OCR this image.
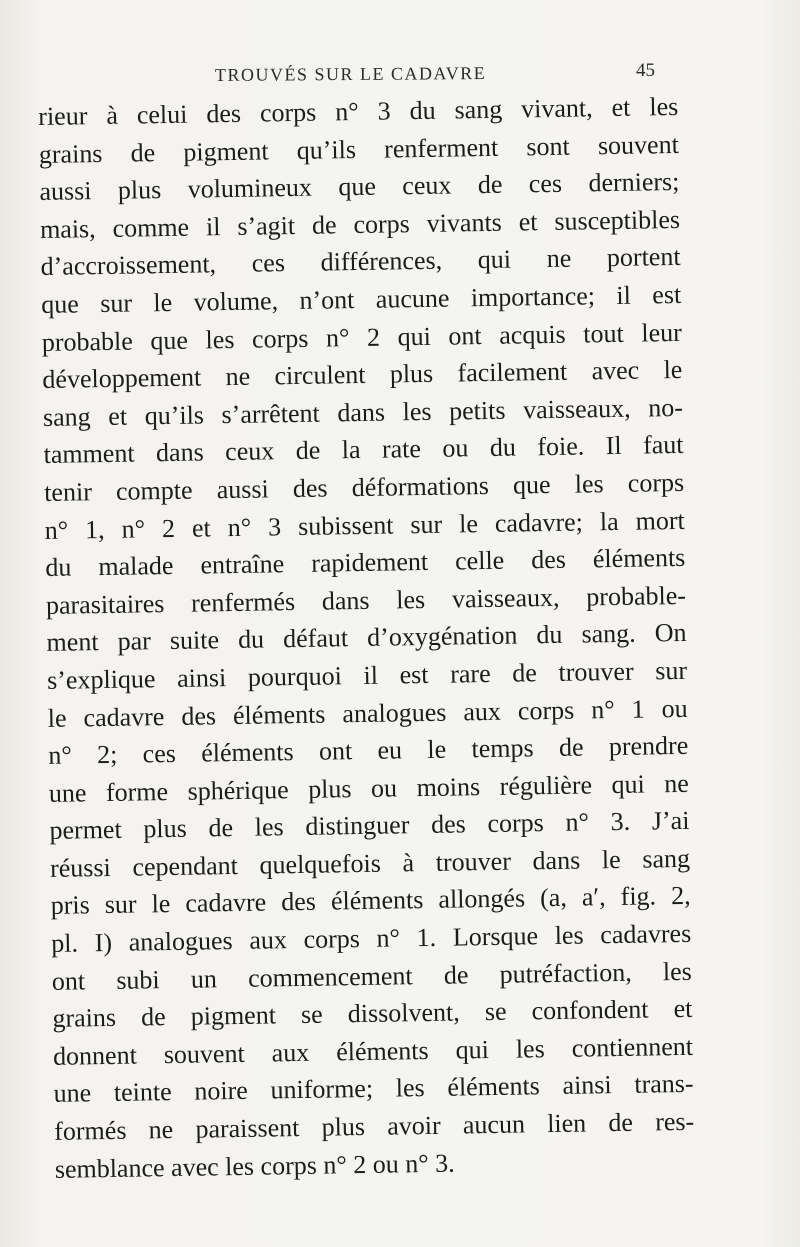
TROUVÉS SUR LE CADAVRE	45
rieur à celui des corps n° 3 du sang vivant, et les
grains de pigment qu’ils renferment sont souvent
aussi plus volumineux que ceux de ces derniers;
mais, comme il s’agit de corps vivants et susceptibles
d’accroissement, ces différences, qui ne portent
que sur le volume, n’ont aucune importance; il est
probable que les corps n° 2 qui ont acquis tout leur
développement ne circulent plus facilement avec le
sang et qu’ils s’arrêtent dans les petits vaisseaux, no-
tamment dans ceux de la rate ou du foie. Il faut
tenir compte aussi des déformations que les corps
n° 1, n° 2 et n° 3 subissent sur le cadavre; la mort
du malade entraîne rapidement celle des éléments
parasitaires renfermés dans les vaisseaux, probable-
ment par suite du défaut d’oxygénation du sang. On
s’explique ainsi pourquoi il est rare de trouver sur
le cadavre des éléments analogues aux corps n° 1 ou
n° 2; ces éléments ont eu le temps de prendre
une forme sphérique plus ou moins régulière qui ne
permet plus de les distinguer des corps n° 3. J’ai
réussi cependant quelquefois à trouver dans le sang
pris sur le cadavre des éléments allongés (a, a′, fig. 2,
pl. I) analogues aux corps n° 1. Lorsque les cadavres
ont subi un commencement de putréfaction, les
grains de pigment se dissolvent, se confondent et
donnent souvent aux éléments qui les contiennent
une teinte noire uniforme; les éléments ainsi trans-
formés ne paraissent plus avoir aucun lien de res-
semblance avec les corps n° 2 ou n° 3.
